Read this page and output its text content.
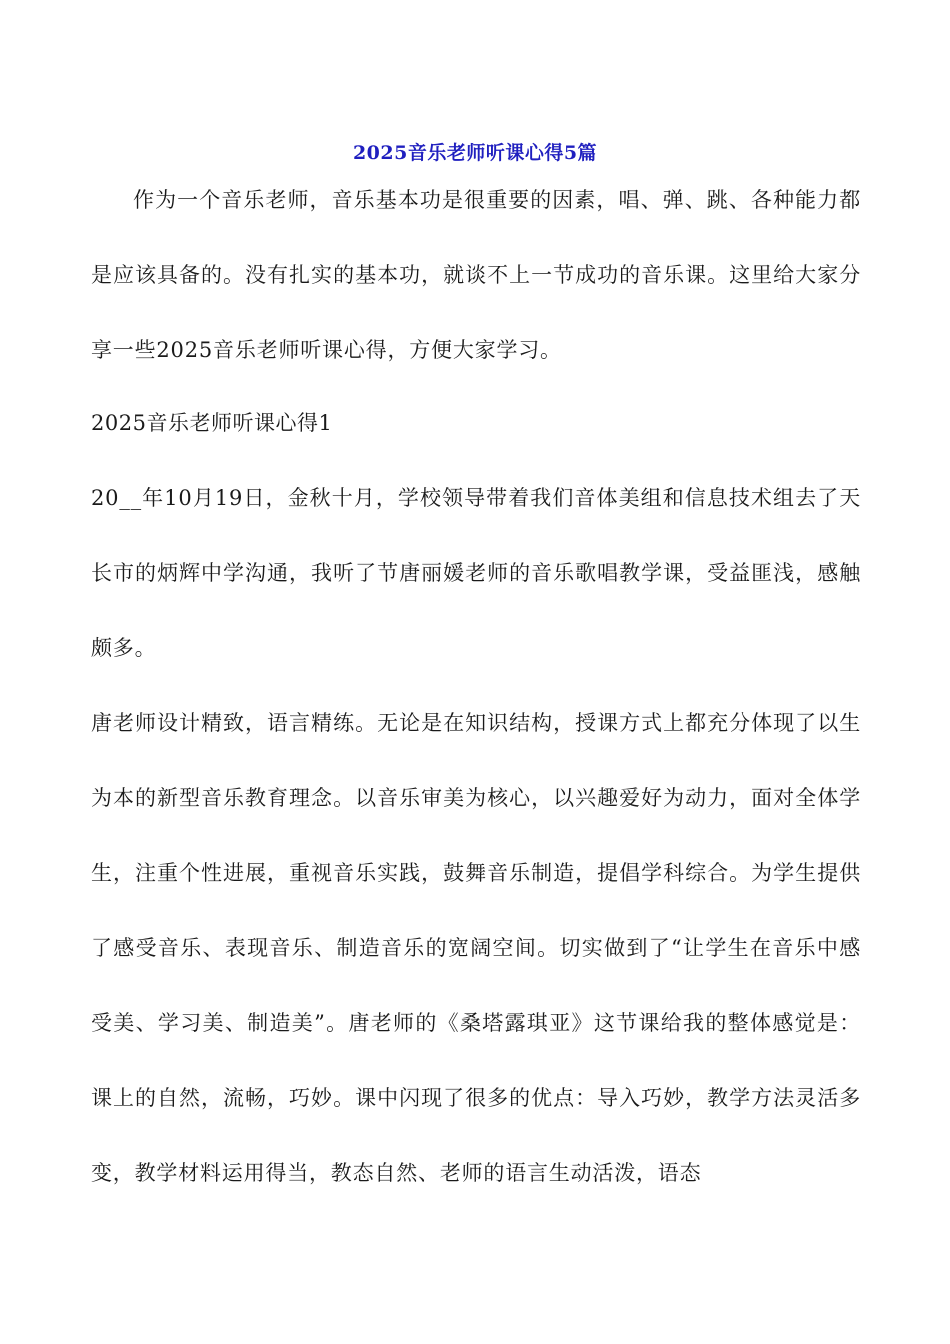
2025音乐老师听课心得5篇
作为一个音乐老师，音乐基本功是很重要的因素，唱、弹、跳、各种能力都是应该具备的。没有扎实的基本功，就谈不上一节成功的音乐课。这里给大家分享一些2025音乐老师听课心得，方便大家学习。
2025音乐老师听课心得1
20__年10月19日，金秋十月，学校领导带着我们音体美组和信息技术组去了天长市的炳辉中学沟通，我听了节唐丽媛老师的音乐歌唱教学课，受益匪浅，感触颇多。
唐老师设计精致，语言精练。无论是在知识结构，授课方式上都充分体现了以生为本的新型音乐教育理念。以音乐审美为核心，以兴趣爱好为动力，面对全体学生，注重个性进展，重视音乐实践，鼓舞音乐制造，提倡学科综合。为学生提供了感受音乐、表现音乐、制造音乐的宽阔空间。切实做到了“让学生在音乐中感受美、学习美、制造美”。唐老师的《桑塔露琪亚》这节课给我的整体感觉是：课上的自然，流畅，巧妙。课中闪现了很多的优点：导入巧妙，教学方法灵活多变，教学材料运用得当，教态自然、老师的语言生动活泼，语态
